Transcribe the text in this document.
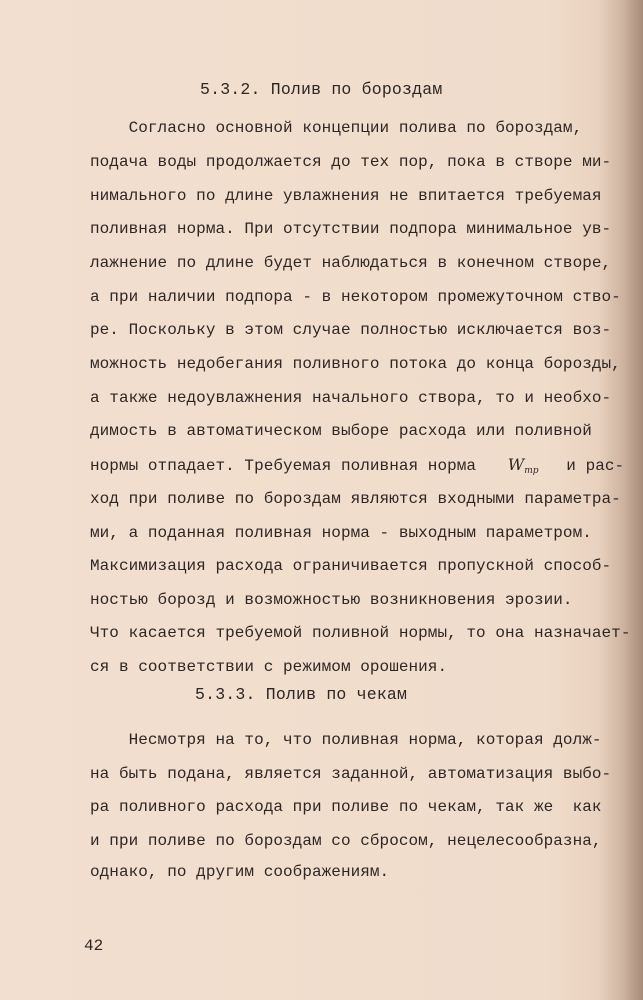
5.3.2. Полив по бороздам
Согласно основной концепции полива по бороздам,
подача воды продолжается до тех пор, пока в створе ми-
нимального по длине увлажнения не впитается требуемая
поливная норма. При отсутствии подпора минимальное ув-
лажнение по длине будет наблюдаться в конечном створе,
а при наличии подпора - в некотором промежуточном ство-
ре. Поскольку в этом случае полностью исключается воз-
можность недобегания поливного потока до конца борозды,
а также недоувлажнения начального створа, то и необхо-
димость в автоматическом выборе расхода или поливной
нормы отпадает. Требуемая поливная норма $W_{тр}$ и рас-
ход при поливе по бороздам являются входными параметра-
ми, а поданная поливная норма - выходным параметром.
Максимизация расхода ограничивается пропускной способ-
ностью борозд и возможностью возникновения эрозии.
Что касается требуемой поливной нормы, то она назначает-
ся в соответствии с режимом орошения.
5.3.3. Полив по чекам
Несмотря на то, что поливная норма, которая долж-
на быть подана, является заданной, автоматизация выбо-
ра поливного расхода при поливе по чекам, так же  как
и при поливе по бороздам со сбросом, нецелесообразна,
однако, по другим соображениям.
42
